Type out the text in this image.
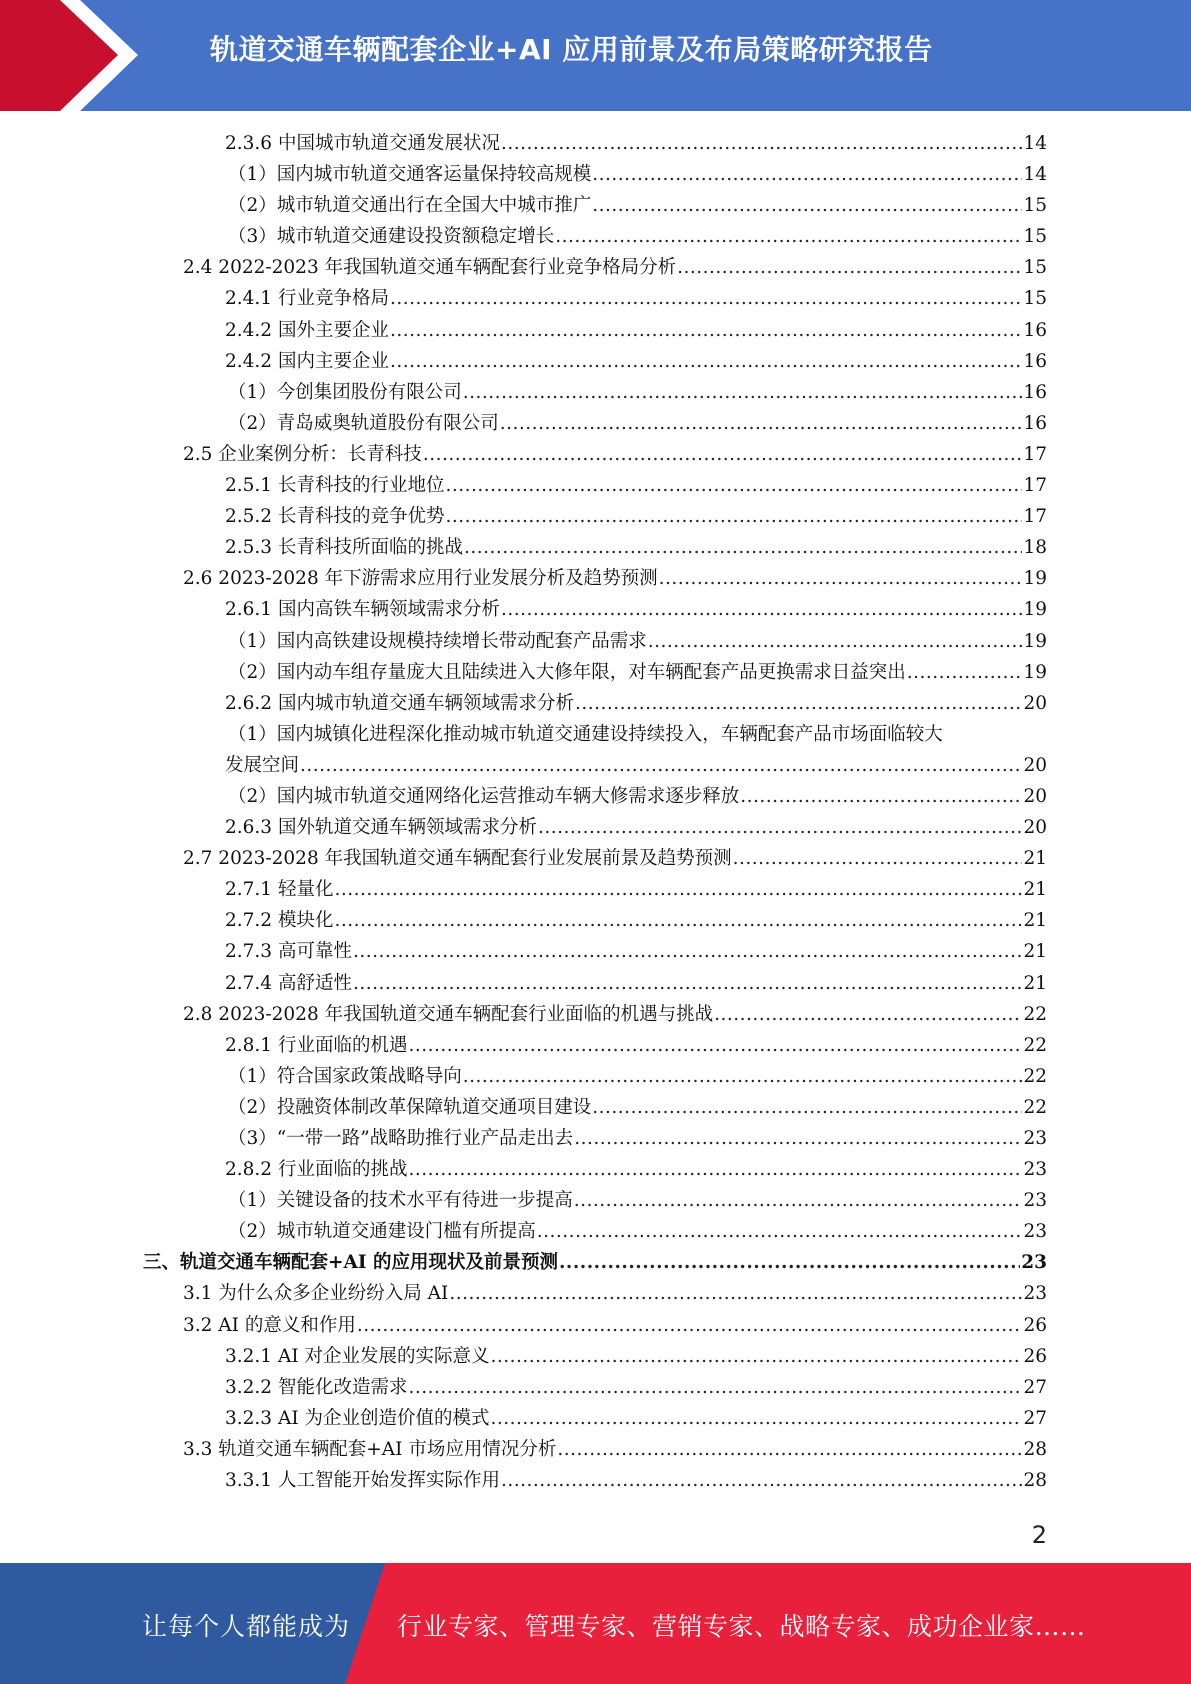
轨道交通车辆配套企业+AI 应用前景及布局策略研究报告
2.3.6 中国城市轨道交通发展状况 .....	14
（1）国内城市轨道交通客运量保持较高规模 .....	14
（2）城市轨道交通出行在全国大中城市推广 .....	15
（3）城市轨道交通建设投资额稳定增长 .....	15
2.4 2022-2023 年我国轨道交通车辆配套行业竞争格局分析 .....	15
2.4.1 行业竞争格局 .....	15
2.4.2 国外主要企业 .....	16
2.4.2 国内主要企业 .....	16
（1）今创集团股份有限公司 .....	16
（2）青岛威奥轨道股份有限公司 .....	16
2.5 企业案例分析：长青科技 .....	17
2.5.1 长青科技的行业地位 .....	17
2.5.2 长青科技的竞争优势 .....	17
2.5.3 长青科技所面临的挑战 .....	18
2.6 2023-2028 年下游需求应用行业发展分析及趋势预测 .....	19
2.6.1 国内高铁车辆领域需求分析 .....	19
（1）国内高铁建设规模持续增长带动配套产品需求 .....	19
（2）国内动车组存量庞大且陆续进入大修年限，对车辆配套产品更换需求日益突出 .....	19
2.6.2 国内城市轨道交通车辆领域需求分析 .....	20
（1）国内城镇化进程深化推动城市轨道交通建设持续投入，车辆配套产品市场面临较大
发展空间 .....	20
（2）国内城市轨道交通网络化运营推动车辆大修需求逐步释放 .....	20
2.6.3 国外轨道交通车辆领域需求分析 .....	20
2.7 2023-2028 年我国轨道交通车辆配套行业发展前景及趋势预测 .....	21
2.7.1 轻量化 .....	21
2.7.2 模块化 .....	21
2.7.3 高可靠性 .....	21
2.7.4 高舒适性 .....	21
2.8 2023-2028 年我国轨道交通车辆配套行业面临的机遇与挑战 .....	22
2.8.1 行业面临的机遇 .....	22
（1）符合国家政策战略导向 .....	22
（2）投融资体制改革保障轨道交通项目建设 .....	22
（3）“一带一路”战略助推行业产品走出去 .....	23
2.8.2 行业面临的挑战 .....	23
（1）关键设备的技术水平有待进一步提高 .....	23
（2）城市轨道交通建设门槛有所提高 .....	23
三、轨道交通车辆配套+AI 的应用现状及前景预测 .....	23
3.1 为什么众多企业纷纷入局 AI .....	23
3.2 AI 的意义和作用 .....	26
3.2.1 AI 对企业发展的实际意义 .....	26
3.2.2 智能化改造需求 .....	27
3.2.3 AI 为企业创造价值的模式 .....	27
3.3 轨道交通车辆配套+AI 市场应用情况分析 .....	28
3.3.1 人工智能开始发挥实际作用 .....	28
2
让每个人都能成为 行业专家、管理专家、营销专家、战略专家、成功企业家……
